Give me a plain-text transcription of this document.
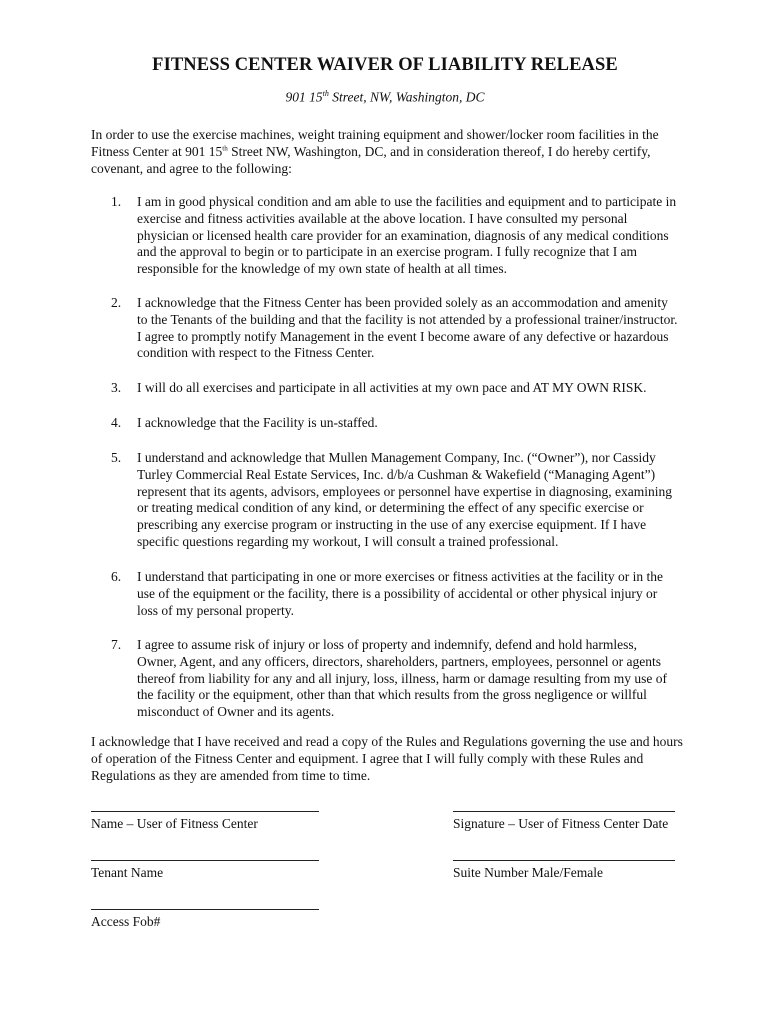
FITNESS CENTER WAIVER OF LIABILITY RELEASE
901 15th Street, NW, Washington, DC

In order to use the exercise machines, weight training equipment and shower/locker room facilities in the Fitness Center at 901 15th Street NW, Washington, DC, and in consideration thereof, I do hereby certify, covenant, and agree to the following:

1.	I am in good physical condition and am able to use the facilities and equipment and to participate in exercise and fitness activities available at the above location. I have consulted my personal physician or licensed health care provider for an examination, diagnosis of any medical conditions and the approval to begin or to participate in an exercise program. I fully recognize that I am responsible for the knowledge of my own state of health at all times.
2.	I acknowledge that the Fitness Center has been provided solely as an accommodation and amenity to the Tenants of the building and that the facility is not attended by a professional trainer/instructor. I agree to promptly notify Management in the event I become aware of any defective or hazardous condition with respect to the Fitness Center.
3.	I will do all exercises and participate in all activities at my own pace and AT MY OWN RISK.
4.	I acknowledge that the Facility is un-staffed.
5.	I understand and acknowledge that Mullen Management Company, Inc. (“Owner”), nor Cassidy Turley Commercial Real Estate Services, Inc. d/b/a Cushman & Wakefield (“Managing Agent”) represent that its agents, advisors, employees or personnel have expertise in diagnosing, examining or treating medical condition of any kind, or determining the effect of any specific exercise or prescribing any exercise program or instructing in the use of any exercise equipment. If I have specific questions regarding my workout, I will consult a trained professional.
6.	I understand that participating in one or more exercises or fitness activities at the facility or in the use of the equipment or the facility, there is a possibility of accidental or other physical injury or loss of my personal property.
7.	I agree to assume risk of injury or loss of property and indemnify, defend and hold harmless, Owner, Agent, and any officers, directors, shareholders, partners, employees, personnel or agents thereof from liability for any and all injury, loss, illness, harm or damage resulting from my use of the facility or the equipment, other than that which results from the gross negligence or willful misconduct of Owner and its agents.

I acknowledge that I have received and read a copy of the Rules and Regulations governing the use and hours of operation of the Fitness Center and equipment. I agree that I will fully comply with these Rules and Regulations as they are amended from time to time.

Name – User of Fitness Center	Signature – User of Fitness Center Date
Tenant Name	Suite Number Male/Female
Access Fob#
